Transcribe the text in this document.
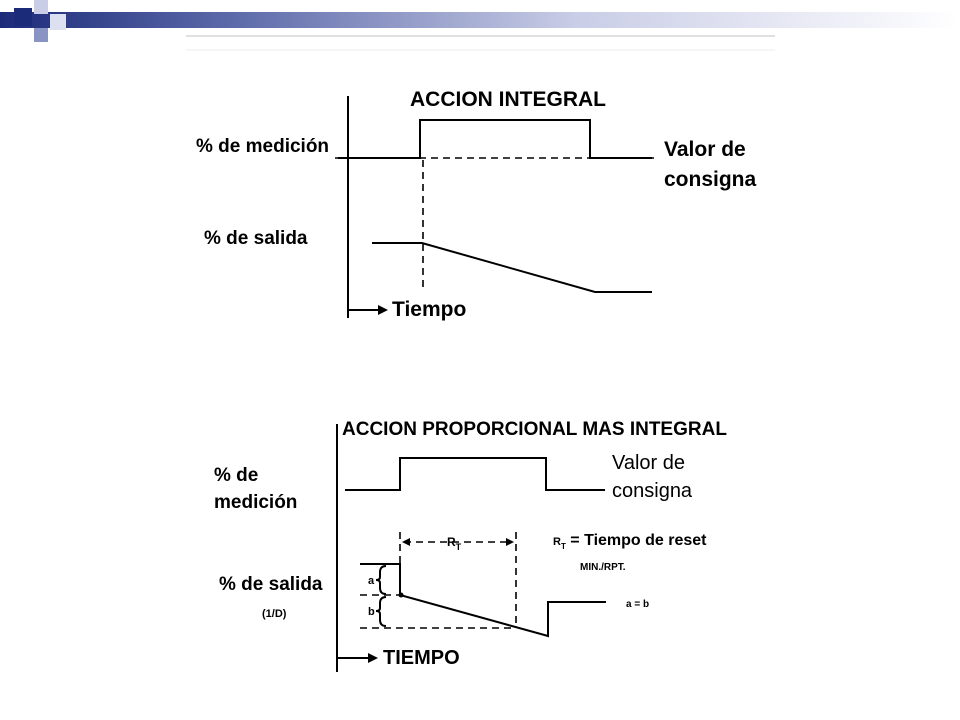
ACCION INTEGRAL
Tiempo
% de medición
% de salida
Valor de
consigna
ACCION PROPORCIONAL MAS INTEGRAL
TIEMPO
% de
medición
% de salida
(1/D)
Valor de
consigna
$R_T$	$R_T$ = Tiempo de reset
MIN./RPT.
a
b
a = b
